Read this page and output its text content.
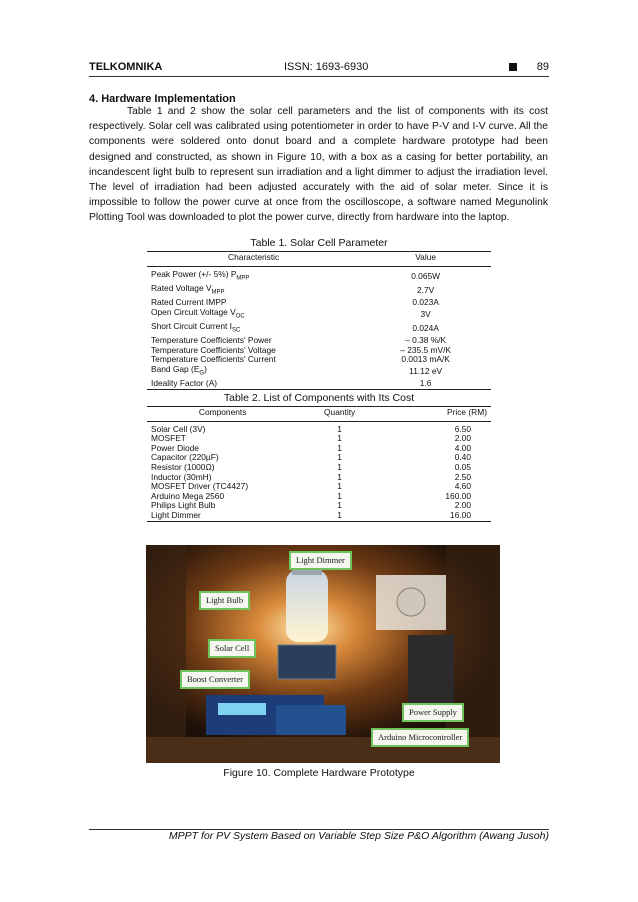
TELKOMNIKA	ISSN: 1693-6930	89
4. Hardware Implementation

Table 1 and 2 show the solar cell parameters and the list of components with its cost respectively. Solar cell was calibrated using potentiometer in order to have P-V and I-V curve. All the components were soldered onto donut board and a complete hardware prototype had been designed and constructed, as shown in Figure 10, with a box as a casing for better portability, an incandescent light bulb to represent sun irradiation and a light dimmer to adjust the irradiation level. The level of irradiation had been adjusted accurately with the aid of solar meter. Since it is impossible to follow the power curve at once from the oscilloscope, a software named Megunolink Plotting Tool was downloaded to plot the power curve, directly from hardware into the laptop.

Table 1. Solar Cell Parameter
Characteristic	Value
Peak Power (+/- 5%) $P_{MPP}$	0.065W
Rated Voltage $V_{MPP}$	2.7V
Rated Current IMPP	0.023A
Open Circuit Voltage $V_{OC}$	3V
Short Circuit Current $I_{SC}$	0.024A
Temperature Coefficients' Power	– 0.38 %/K
Temperature Coefficients' Voltage	– 235.5 mV/K
Temperature Coefficients' Current	0.0013 mA/K
Band Gap $(E_G)$	11.12 eV
Ideality Factor (A)	1.6
Table 2. List of Components with Its Cost
Components	Quantity	Price (RM)
Solar Cell (3V)	1	6.50
MOSFET	1	2.00
Power Diode	1	4.00
Capacitor (220µF)	1	0.40
Resistor (1000Ω)	1	0.05
Inductor (30mH)	1	2.50
MOSFET Driver (TC4427)	1	4.60
Arduino Mega 2560	1	160.00
Philips Light Bulb	1	2.00
Light Dimmer	1	16.00
Light Dimmer
Light Bulb
Solar Cell
Boost Converter
Power Supply
Arduino Microcontroller
Figure 10. Complete Hardware Prototype
MPPT for PV System Based on Variable Step Size P&O Algorithm (Awang Jusoh)
